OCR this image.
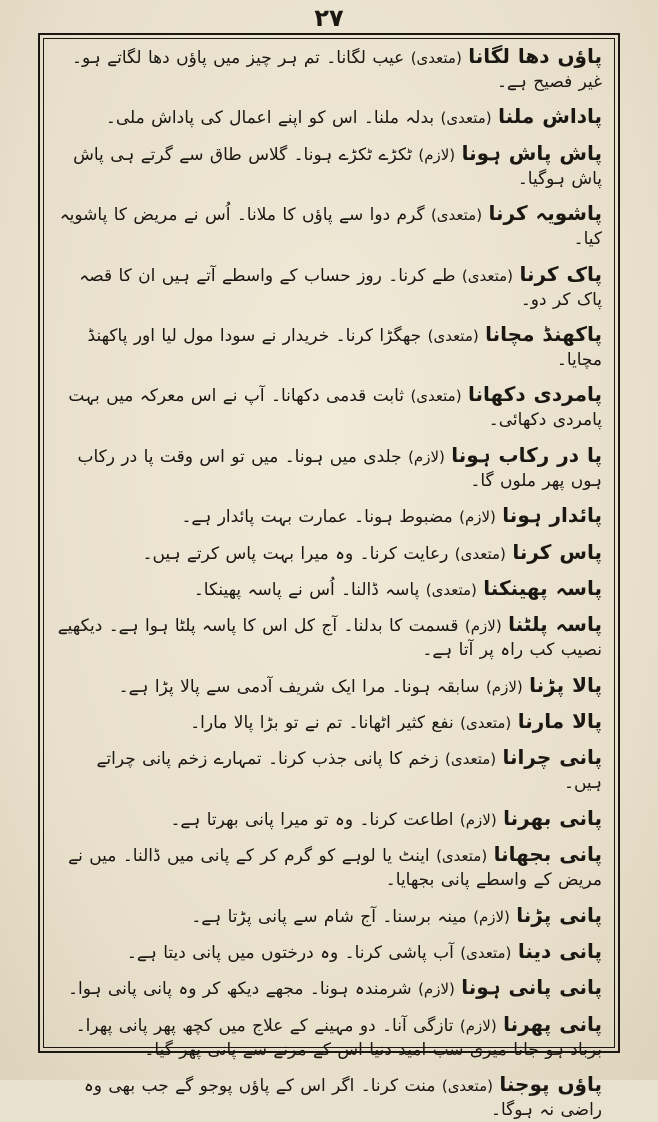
۲۷
پاؤں دھا لگانا (متعدی) عیب لگانا۔ تم ہر چیز میں پاؤں دھا لگاتے ہو۔ غیر فصیح ہے۔
پاداش ملنا (متعدی) بدلہ ملنا۔ اس کو اپنے اعمال کی پاداش ملی۔
پاش پاش ہونا (لازم) ٹکڑے ٹکڑے ہونا۔ گلاس طاق سے گرتے ہی پاش پاش ہوگیا۔
پاشویہ کرنا (متعدی) گرم دوا سے پاؤں کا ملانا۔ اُس نے مریض کا پاشویہ کیا۔
پاک کرنا (متعدی) طے کرنا۔ روز حساب کے واسطے آتے ہیں ان کا قصہ پاک کر دو۔
پاکھنڈ مچانا (متعدی) جھگڑا کرنا۔ خریدار نے سودا مول لیا اور پاکھنڈ مچایا۔
پامردی دکھانا (متعدی) ثابت قدمی دکھانا۔ آپ نے اس معرکہ میں بہت پامردی دکھائی۔
پا در رکاب ہونا (لازم) جلدی میں ہونا۔ میں تو اس وقت پا در رکاب ہوں پھر ملوں گا۔
پائدار ہونا (لازم) مضبوط ہونا۔ عمارت بہت پائدار ہے۔
پاس کرنا (متعدی) رعایت کرنا۔ وہ میرا بہت پاس کرتے ہیں۔
پاسہ پھینکنا (متعدی) پاسہ ڈالنا۔ اُس نے پاسہ پھینکا۔
پاسہ پلٹنا (لازم) قسمت کا بدلنا۔ آج کل اس کا پاسہ پلٹا ہوا ہے۔ دیکھیے نصیب کب راہ پر آتا ہے۔
پالا پڑنا (لازم) سابقہ ہونا۔ مرا ایک شریف آدمی سے پالا پڑا ہے۔
پالا مارنا (متعدی) نفع کثیر اٹھانا۔ تم نے تو بڑا پالا مارا۔
پانی چرانا (متعدی) زخم کا پانی جذب کرنا۔ تمہارے زخم پانی چراتے ہیں۔
پانی بھرنا (لازم) اطاعت کرنا۔ وہ تو میرا پانی بھرتا ہے۔
پانی بجھانا (متعدی) اینٹ یا لوہے کو گرم کر کے پانی میں ڈالنا۔ میں نے مریض کے واسطے پانی بجھایا۔
پانی پڑنا (لازم) مینہ برسنا۔ آج شام سے پانی پڑتا ہے۔
پانی دینا (متعدی) آب پاشی کرنا۔ وہ درختوں میں پانی دیتا ہے۔
پانی پانی ہونا (لازم) شرمندہ ہونا۔ مجھے دیکھ کر وہ پانی پانی ہوا۔
پانی پھرنا (لازم) تازگی آنا۔ دو مہینے کے علاج میں کچھ پھر پانی پھرا۔ برباد ہو جانا میری سب امید دنیا اس کے مرنے سے پانی پھر گیا۔
پاؤں پوجنا (متعدی) منت کرنا۔ اگر اس کے پاؤں پوجو گے جب بھی وہ راضی نہ ہوگا۔
